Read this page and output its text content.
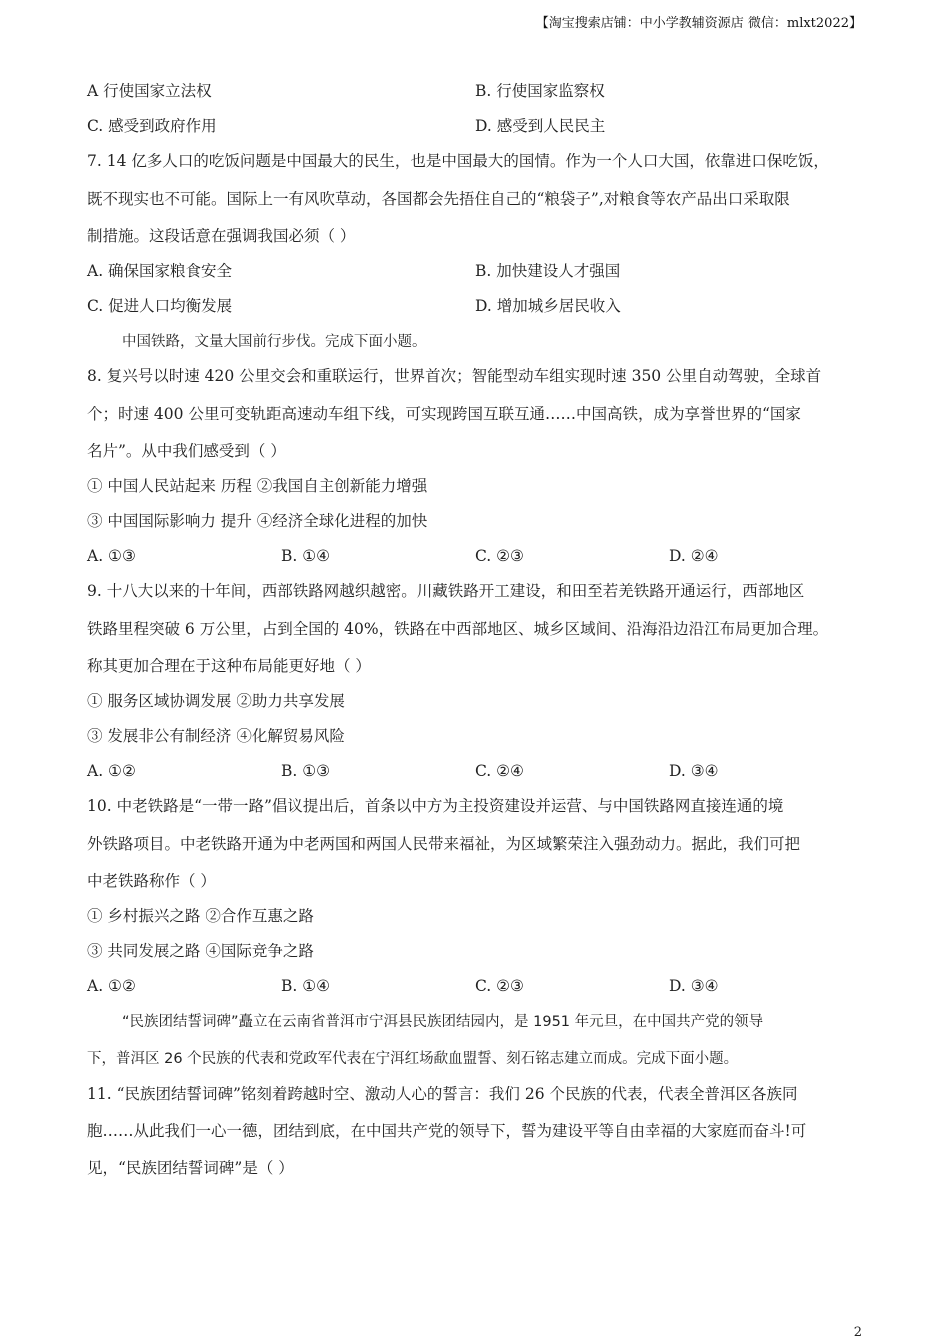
【淘宝搜索店铺：中小学教辅资源店 微信：mlxt2022】
A 行使国家立法权	B. 行使国家监察权
C. 感受到政府作用	D. 感受到人民民主
7. 14 亿多人口的吃饭问题是中国最大的民生，也是中国最大的国情。作为一个人口大国，依靠进口保吃饭，
既不现实也不可能。国际上一有风吹草动，各国都会先捂住自己的“粮袋子”,对粮食等农产品出口采取限
制措施。这段话意在强调我国必须（ ）
A. 确保国家粮食安全	B. 加快建设人才强国
C. 促进人口均衡发展	D. 增加城乡居民收入
中国铁路，文量大国前行步伐。完成下面小题。
8. 复兴号以时速 420 公里交会和重联运行，世界首次；智能型动车组实现时速 350 公里自动驾驶，全球首
个；时速 400 公里可变轨距高速动车组下线，可实现跨国互联互通……中国高铁，成为享誉世界的“国家
名片”。从中我们感受到（ ）
① 中国人民站起来 历程 ②我国自主创新能力增强
③ 中国国际影响力 提升 ④经济全球化进程的加快
A. ①③	B. ①④	C. ②③	D. ②④
9. 十八大以来的十年间，西部铁路网越织越密。川藏铁路开工建设，和田至若羌铁路开通运行，西部地区
铁路里程突破 6 万公里，占到全国的 40%，铁路在中西部地区、城乡区域间、沿海沿边沿江布局更加合理。
称其更加合理在于这种布局能更好地（ ）
① 服务区域协调发展 ②助力共享发展
③ 发展非公有制经济 ④化解贸易风险
A. ①②	B. ①③	C. ②④	D. ③④
10. 中老铁路是“一带一路”倡议提出后，首条以中方为主投资建设并运营、与中国铁路网直接连通的境
外铁路项目。中老铁路开通为中老两国和两国人民带来福祉，为区域繁荣注入强劲动力。据此，我们可把
中老铁路称作（ ）
① 乡村振兴之路 ②合作互惠之路
③ 共同发展之路 ④国际竞争之路
A. ①②	B. ①④	C. ②③	D. ③④
“民族团结誓词碑”矗立在云南省普洱市宁洱县民族团结园内，是 1951 年元旦，在中国共产党的领导
下，普洱区 26 个民族的代表和党政军代表在宁洱红场歃血盟誓、刻石铭志建立而成。完成下面小题。
11. “民族团结誓词碑”铭刻着跨越时空、激动人心的誓言：我们 26 个民族的代表，代表全普洱区各族同
胞……从此我们一心一德，团结到底，在中国共产党的领导下，誓为建设平等自由幸福的大家庭而奋斗!可
见，“民族团结誓词碑”是（ ）
2
